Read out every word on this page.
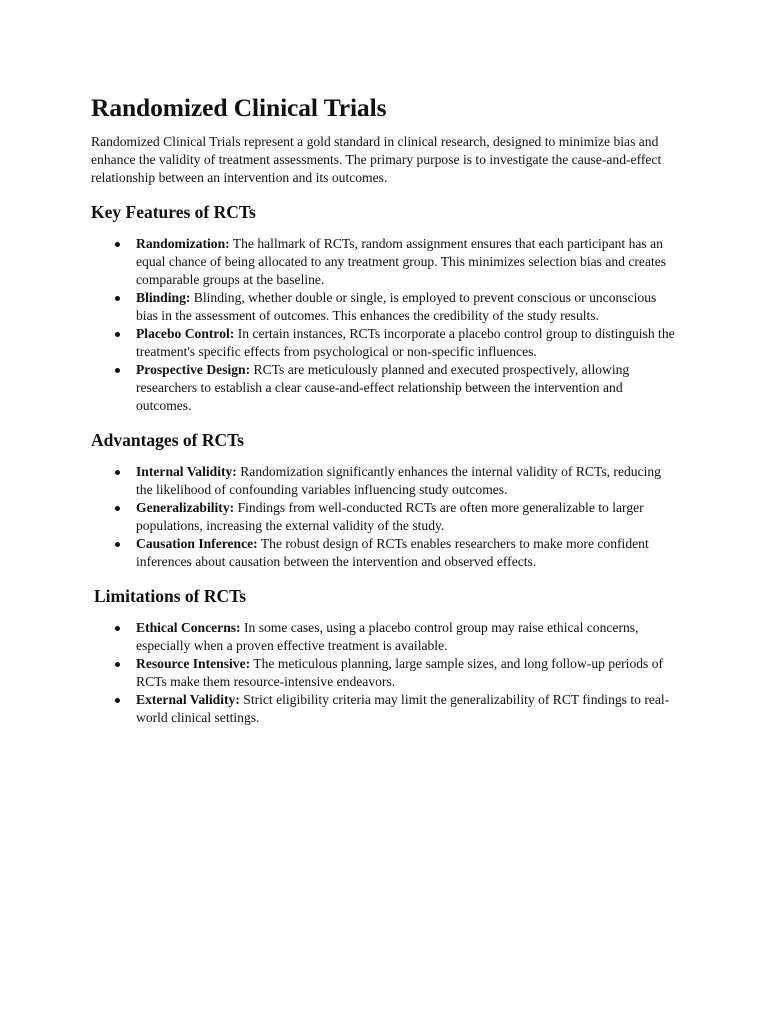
Randomized Clinical Trials

Randomized Clinical Trials represent a gold standard in clinical research, designed to minimize bias and enhance the validity of treatment assessments. The primary purpose is to investigate the cause-and-effect relationship between an intervention and its outcomes.

Key Features of RCTs
Randomization: The hallmark of RCTs, random assignment ensures that each participant has an equal chance of being allocated to any treatment group. This minimizes selection bias and creates comparable groups at the baseline.
Blinding: Blinding, whether double or single, is employed to prevent conscious or unconscious bias in the assessment of outcomes. This enhances the credibility of the study results.
Placebo Control: In certain instances, RCTs incorporate a placebo control group to distinguish the treatment's specific effects from psychological or non-specific influences.
Prospective Design: RCTs are meticulously planned and executed prospectively, allowing researchers to establish a clear cause-and-effect relationship between the intervention and outcomes.
Advantages of RCTs
Internal Validity: Randomization significantly enhances the internal validity of RCTs, reducing the likelihood of confounding variables influencing study outcomes.
Generalizability: Findings from well-conducted RCTs are often more generalizable to larger populations, increasing the external validity of the study.
Causation Inference: The robust design of RCTs enables researchers to make more confident inferences about causation between the intervention and observed effects.
Limitations of RCTs
Ethical Concerns: In some cases, using a placebo control group may raise ethical concerns, especially when a proven effective treatment is available.
Resource Intensive: The meticulous planning, large sample sizes, and long follow-up periods of RCTs make them resource-intensive endeavors.
External Validity: Strict eligibility criteria may limit the generalizability of RCT findings to real-world clinical settings.
